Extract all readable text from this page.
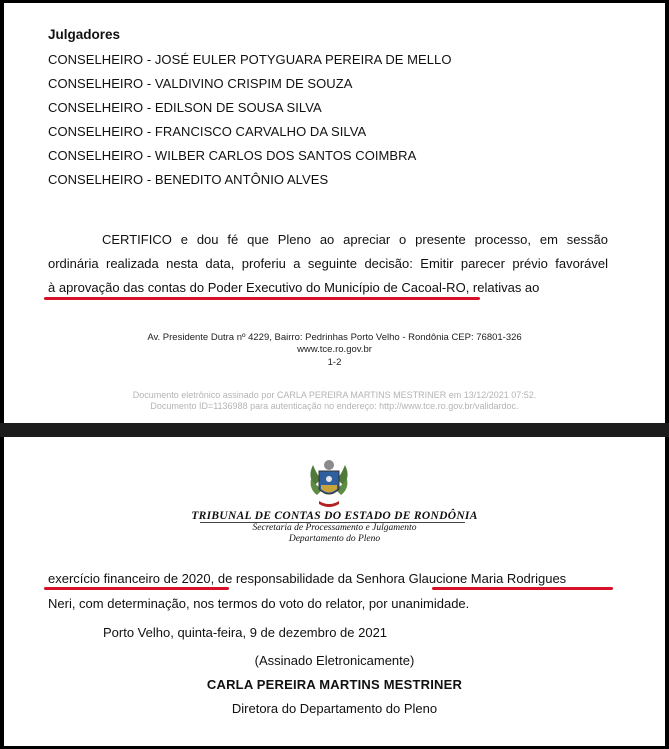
Julgadores
CONSELHEIRO - JOSÉ EULER POTYGUARA PEREIRA DE MELLO
CONSELHEIRO - VALDIVINO CRISPIM DE SOUZA
CONSELHEIRO - EDILSON DE SOUSA SILVA
CONSELHEIRO - FRANCISCO CARVALHO DA SILVA
CONSELHEIRO - WILBER CARLOS DOS SANTOS COIMBRA
CONSELHEIRO - BENEDITO ANTÔNIO ALVES
CERTIFICO e dou fé que Pleno ao apreciar o presente processo, em sessão
ordinária realizada nesta data, proferiu a seguinte decisão: Emitir parecer prévio favorável
à aprovação das contas do Poder Executivo do Município de Cacoal-RO, relativas ao
Av. Presidente Dutra nº 4229, Bairro: Pedrinhas Porto Velho - Rondônia CEP: 76801-326
www.tce.ro.gov.br
1-2
Documento eletrônico assinado por CARLA PEREIRA MARTINS MESTRINER em 13/12/2021 07:52.
Documento ID=1136988 para autenticação no endereço: http://www.tce.ro.gov.br/validardoc.
TRIBUNAL DE CONTAS DO ESTADO DE RONDÔNIA
Secretaria de Processamento e Julgamento
Departamento do Pleno
exercício financeiro de 2020, de responsabilidade da Senhora Glaucione Maria Rodrigues
Neri, com determinação, nos termos do voto do relator, por unanimidade.
Porto Velho, quinta-feira, 9 de dezembro de 2021
(Assinado Eletronicamente)
CARLA PEREIRA MARTINS MESTRINER
Diretora do Departamento do Pleno
